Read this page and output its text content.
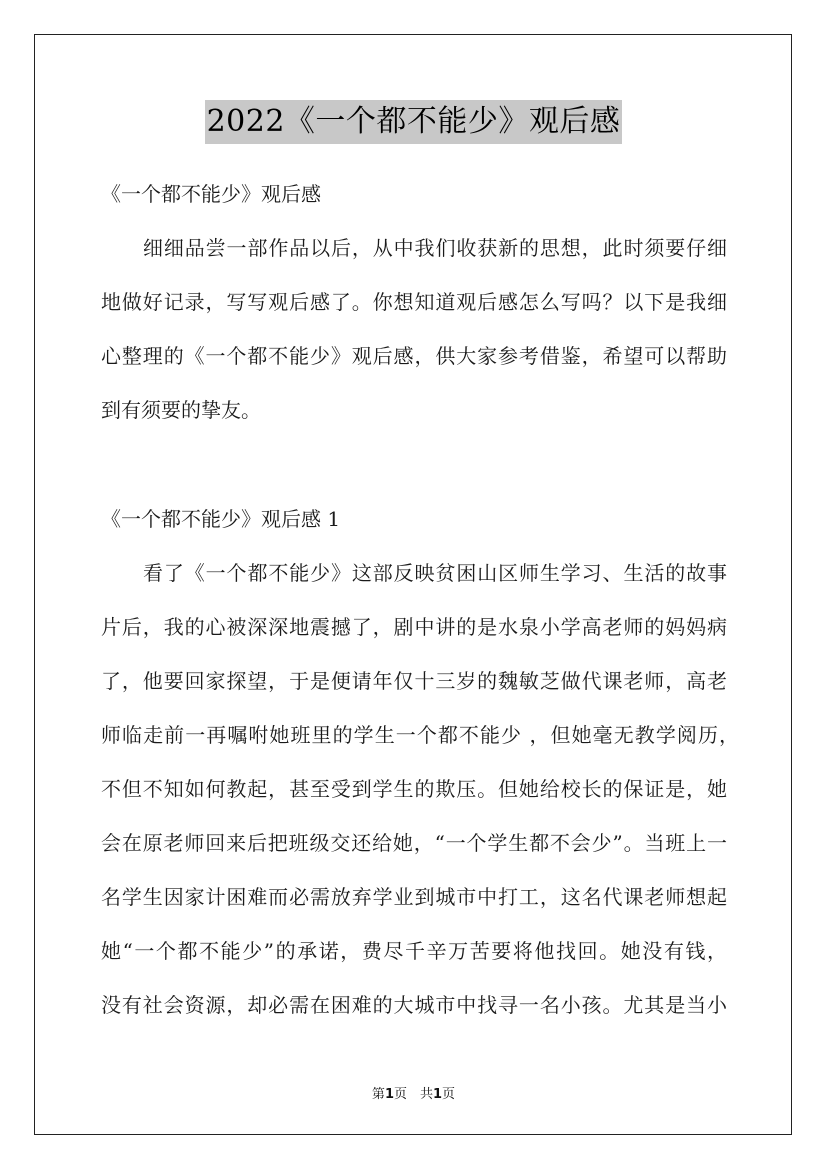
2022《一个都不能少》观后感
《一个都不能少》观后感
细细品尝一部作品以后，从中我们收获新的思想，此时须要仔细
地做好记录，写写观后感了。你想知道观后感怎么写吗？以下是我细
心整理的《一个都不能少》观后感，供大家参考借鉴，希望可以帮助
到有须要的挚友。
《一个都不能少》观后感 1
看了《一个都不能少》这部反映贫困山区师生学习、生活的故事
片后，我的心被深深地震撼了，剧中讲的是水泉小学高老师的妈妈病
了，他要回家探望，于是便请年仅十三岁的魏敏芝做代课老师，高老
师临走前一再嘱咐她班里的学生一个都不能少 ，但她毫无教学阅历，
不但不知如何教起，甚至受到学生的欺压。但她给校长的保证是，她
会在原老师回来后把班级交还给她，“一个学生都不会少”。当班上一
名学生因家计困难而必需放弃学业到城市中打工，这名代课老师想起
她“一个都不能少”的承诺，费尽千辛万苦要将他找回。她没有钱，
没有社会资源，却必需在困难的大城市中找寻一名小孩。尤其是当小
第1页　共1页
